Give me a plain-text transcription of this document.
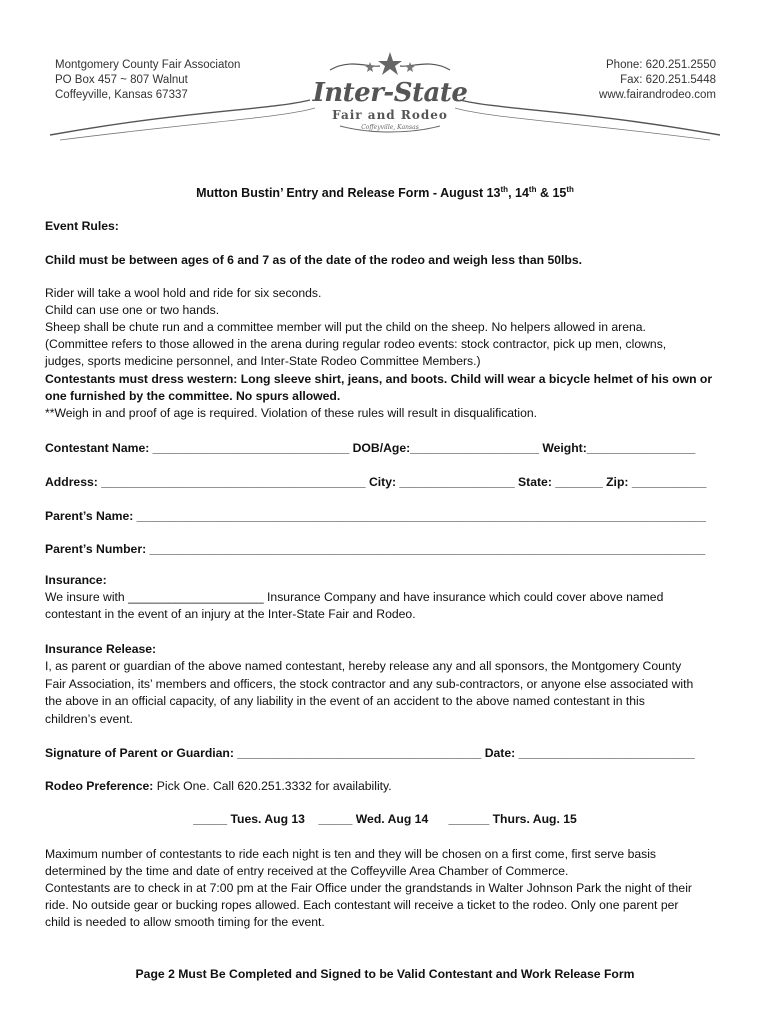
Montgomery County Fair Associaton
PO Box 457 ~ 807 Walnut
Coffeyville, Kansas 67337
Phone: 620.251.2550
Fax: 620.251.5448
www.fairandrodeo.com
Inter-State
Fair and Rodeo
Coffeyville, Kansas
Mutton Bustin’ Entry and Release Form - August 13th, 14th & 15th
Event Rules:
Child must be between ages of 6 and 7 as of the date of the rodeo and weigh less than 50lbs.
Rider will take a wool hold and ride for six seconds.
Child can use one or two hands.
Sheep shall be chute run and a committee member will put the child on the sheep. No helpers allowed in arena.
(Committee refers to those allowed in the arena during regular rodeo events: stock contractor, pick up men, clowns,
judges, sports medicine personnel, and Inter-State Rodeo Committee Members.)
Contestants must dress western: Long sleeve shirt, jeans, and boots. Child will wear a bicycle helmet of his own or
one furnished by the committee. No spurs allowed.
**Weigh in and proof of age is required. Violation of these rules will result in disqualification.
Contestant Name: _____________________________ DOB/Age:___________________ Weight:________________
Address: _______________________________________ City: _________________ State: _______ Zip: ___________
Parent’s Name: ____________________________________________________________________________________
Parent’s Number: __________________________________________________________________________________
Insurance:
We insure with ____________________ Insurance Company and have insurance which could cover above named
contestant in the event of an injury at the Inter-State Fair and Rodeo.
Insurance Release:
I, as parent or guardian of the above named contestant, hereby release any and all sponsors, the Montgomery County
Fair Association, its’ members and officers, the stock contractor and any sub-contractors, or anyone else associated with
the above in an official capacity, of any liability in the event of an accident to the above named contestant in this
children’s event.
Signature of Parent or Guardian: ____________________________________ Date: __________________________
Rodeo Preference: Pick One. Call 620.251.3332 for availability.
_____ Tues. Aug 13    _____ Wed. Aug 14      ______ Thurs. Aug. 15
Maximum number of contestants to ride each night is ten and they will be chosen on a first come, first serve basis
determined by the time and date of entry received at the Coffeyville Area Chamber of Commerce.
Contestants are to check in at 7:00 pm at the Fair Office under the grandstands in Walter Johnson Park the night of their
ride. No outside gear or bucking ropes allowed. Each contestant will receive a ticket to the rodeo. Only one parent per
child is needed to allow smooth timing for the event.
Page 2 Must Be Completed and Signed to be Valid Contestant and Work Release Form
